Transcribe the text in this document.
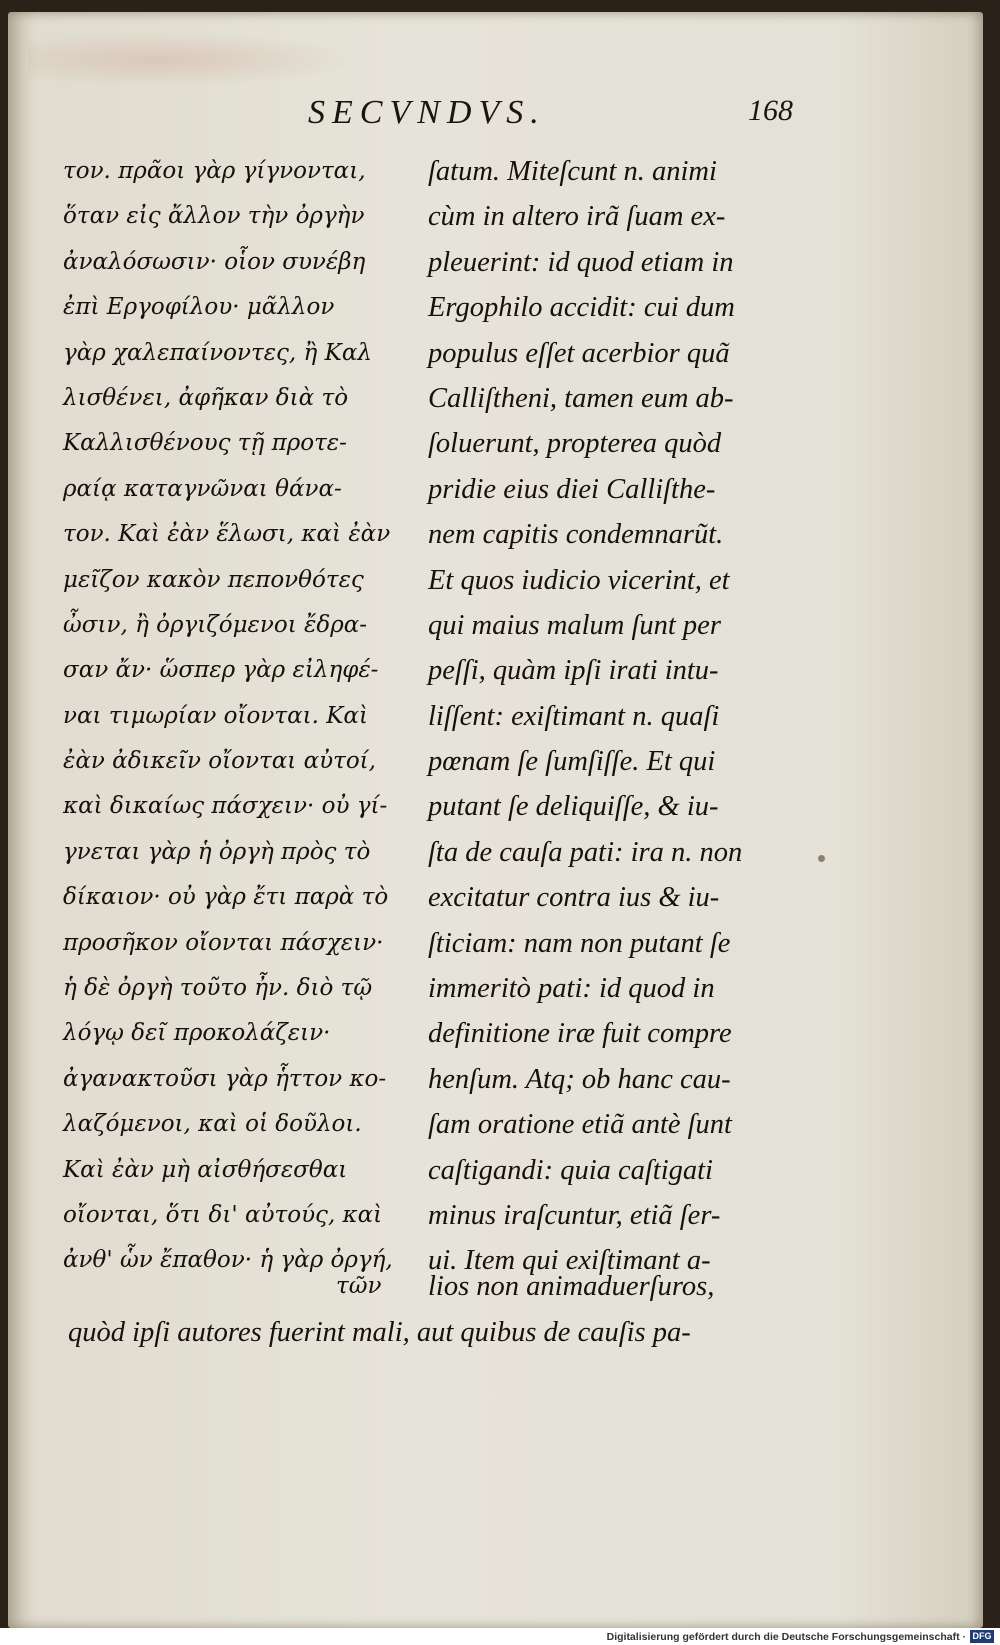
SECVNDVS.	168
τον. πρᾶοι γὰρ γίγνονται,
ὅταν εἰς ἄλλον τὴν ὀργὴν
ἀναλόσωσιν· οἷον συνέβη
ἐπὶ Εργοφίλου· μᾶλλον
γὰρ χαλεπαίνοντες, ἢ Καλ
λισθένει, ἀφῆκαν διὰ τὸ
Καλλισθένους τῇ προτε-
ραίᾳ καταγνῶναι θάνα-
τον. Καὶ ἐὰν ἕλωσι, καὶ ἐὰν
μεῖζον κακὸν πεπονθότες
ὦσιν, ἢ ὀργιζόμενοι ἔδρα-
σαν ἄν· ὥσπερ γὰρ εἰληφέ-
ναι τιμωρίαν οἴονται. Καὶ
ἐὰν ἀδικεῖν οἴονται αὐτοί,
καὶ δικαίως πάσχειν· οὐ γί-
γνεται γὰρ ἡ ὀργὴ πρὸς τὸ
δίκαιον· οὐ γὰρ ἔτι παρὰ τὸ
προσῆκον οἴονται πάσχειν·
ἡ δὲ ὀργὴ τοῦτο ἦν. διὸ τῷ
λόγῳ δεῖ προκολάζειν·
ἀγανακτοῦσι γὰρ ἧττον κο-
λαζόμενοι, καὶ οἱ δοῦλοι.
Καὶ ἐὰν μὴ αἰσθήσεσθαι
οἴονται, ὅτι δι' αὐτούς, καὶ
ἀνθ' ὧν ἔπαθον· ἡ γὰρ ὀργή,
ſatum. Miteſcunt n. animi
cùm in altero irã ſuam ex-
pleuerint: id quod etiam in
Ergophilo accidit: cui dum
populus eſſet acerbior quã
Calliſtheni, tamen eum ab-
ſoluerunt, propterea quòd
pridie eius diei Calliſthe-
nem capitis condemnarũt.
Et quos iudicio vicerint, et
qui maius malum ſunt per
peſſi, quàm ipſi irati intu-
liſſent: exiſtimant n. quaſi
pœnam ſe ſumſiſſe. Et qui
putant ſe deliquiſſe, & iu-
ſta de cauſa pati: ira n. non
excitatur contra ius & iu-
ſticiam: nam non putant ſe
immeritò pati: id quod in
definitione iræ fuit compre
henſum. Atq; ob hanc cau-
ſam oratione etiã antè ſunt
caſtigandi: quia caſtigati
minus iraſcuntur, etiã ſer-
ui. Item qui exiſtimant a-
τῶν lios non animaduerſuros,
quòd ipſi autores fuerint mali, aut quibus de cauſis pa-
Digitalisierung gefördert durch die Deutsche Forschungsgemeinschaft · DFG
